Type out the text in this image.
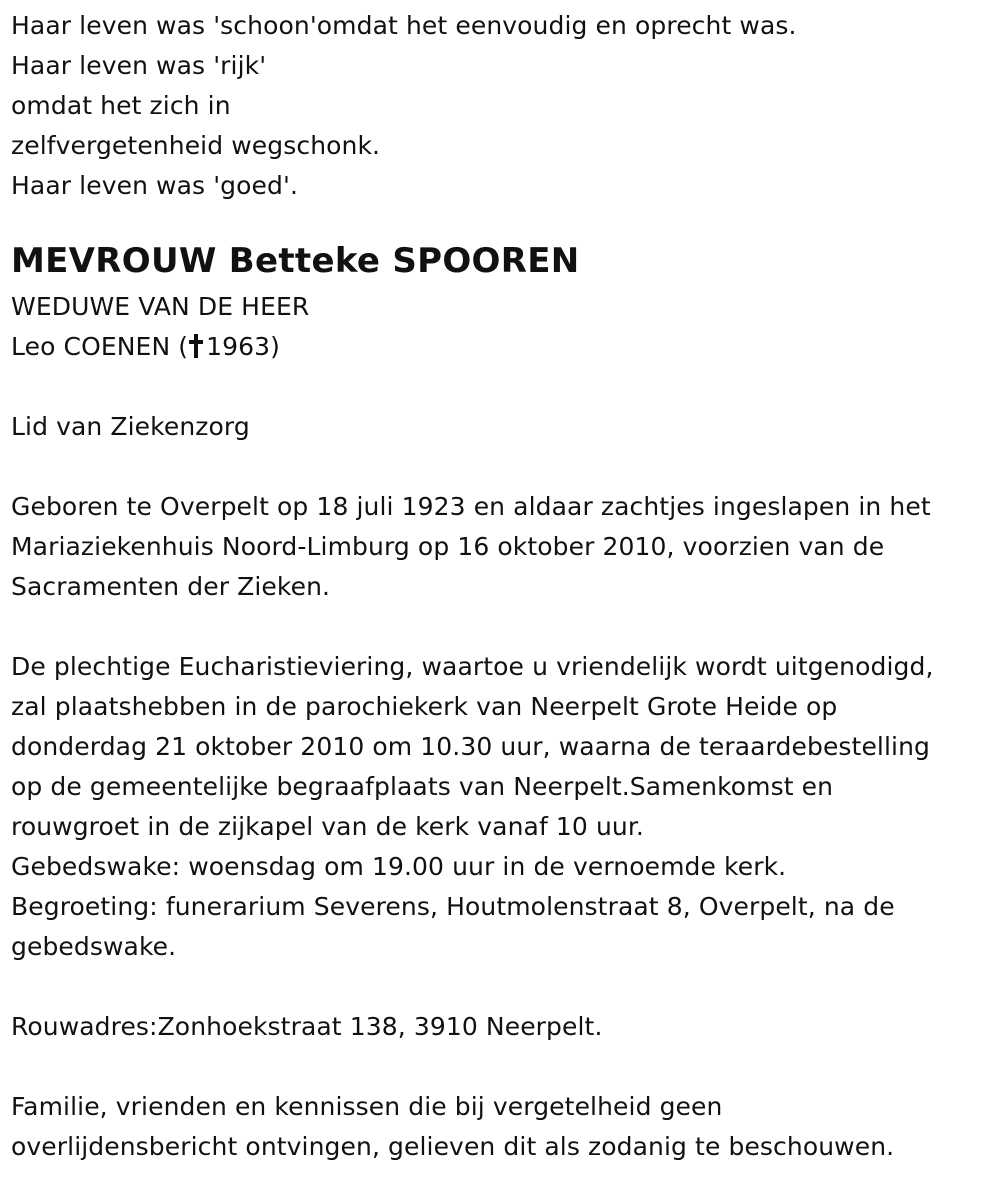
Haar leven was 'schoon'omdat het eenvoudig en oprecht was.
Haar leven was 'rijk'
omdat het zich in
zelfvergetenheid wegschonk.
Haar leven was 'goed'.
MEVROUW Betteke SPOOREN
WEDUWE VAN DE HEER
Leo COENEN ( 1963)
Lid van Ziekenzorg
Geboren te Overpelt op 18 juli 1923 en aldaar zachtjes ingeslapen in het
Mariaziekenhuis Noord-Limburg op 16 oktober 2010, voorzien van de
Sacramenten der Zieken.
De plechtige Eucharistieviering, waartoe u vriendelijk wordt uitgenodigd,
zal plaatshebben in de parochiekerk van Neerpelt Grote Heide op
donderdag 21 oktober 2010 om 10.30 uur, waarna de teraardebestelling
op de gemeentelijke begraafplaats van Neerpelt.Samenkomst en
rouwgroet in de zijkapel van de kerk vanaf 10 uur.
Gebedswake: woensdag om 19.00 uur in de vernoemde kerk.
Begroeting: funerarium Severens, Houtmolenstraat 8, Overpelt, na de
gebedswake.
Rouwadres:Zonhoekstraat 138, 3910 Neerpelt.
Familie, vrienden en kennissen die bij vergetelheid geen
overlijdensbericht ontvingen, gelieven dit als zodanig te beschouwen.
